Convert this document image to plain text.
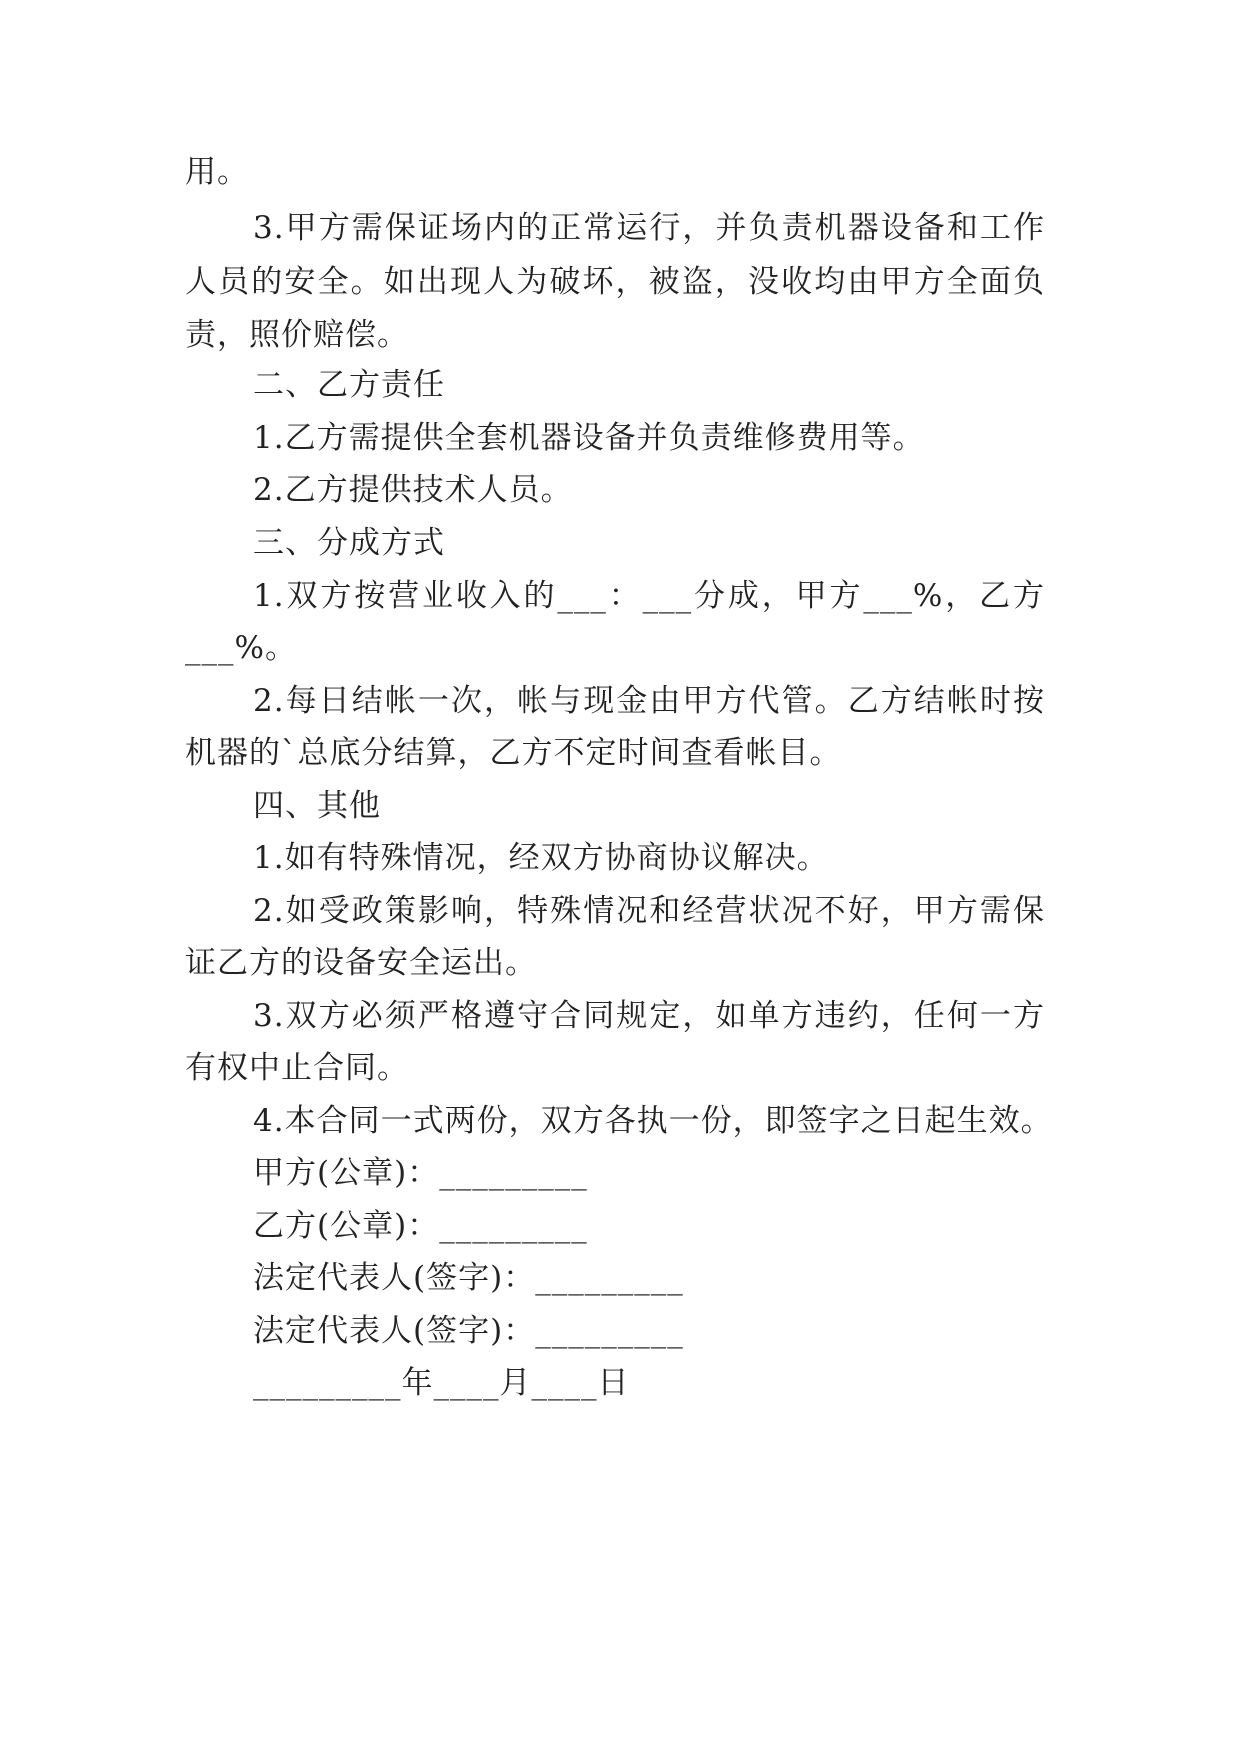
用。
3.甲方需保证场内的正常运行，并负责机器设备和工作
人员的安全。如出现人为破坏，被盗，没收均由甲方全面负
责，照价赔偿。
二、乙方责任
1.乙方需提供全套机器设备并负责维修费用等。
2.乙方提供技术人员。
三、分成方式
1.双方按营业收入的___：___分成，甲方___%，乙方
___%。
2.每日结帐一次，帐与现金由甲方代管。乙方结帐时按
机器的`总底分结算，乙方不定时间查看帐目。
四、其他
1.如有特殊情况，经双方协商协议解决。
2.如受政策影响，特殊情况和经营状况不好，甲方需保
证乙方的设备安全运出。
3.双方必须严格遵守合同规定，如单方违约，任何一方
有权中止合同。
4.本合同一式两份，双方各执一份，即签字之日起生效。
甲方(公章)：_________
乙方(公章)：_________
法定代表人(签字)：_________
法定代表人(签字)：_________
_________年____月____日
